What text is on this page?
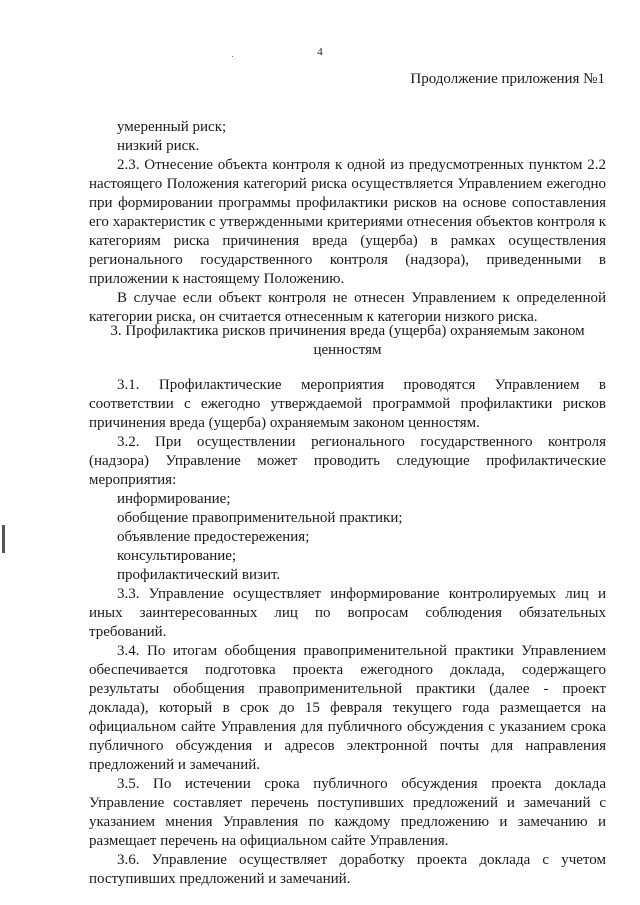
4
Продолжение приложения №1

умеренный риск;

низкий риск.

2.3. Отнесение объекта контроля к одной из предусмотренных пунктом 2.2 настоящего Положения категорий риска осуществляется Управлением ежегодно при формировании программы профилактики рисков на основе сопоставления его характеристик с утвержденными критериями отнесения объектов контроля к категориям риска причинения вреда (ущерба) в рамках осуществления регионального государственного контроля (надзора), приведенными в приложении к настоящему Положению.

В случае если объект контроля не отнесен Управлением к определенной категории риска, он считается отнесенным к категории низкого риска.

3. Профилактика рисков причинения вреда (ущерба) охраняемым законом ценностям

3.1. Профилактические мероприятия проводятся Управлением в соответствии с ежегодно утверждаемой программой профилактики рисков причинения вреда (ущерба) охраняемым законом ценностям.

3.2. При осуществлении регионального государственного контроля (надзора) Управление может проводить следующие профилактические мероприятия:

информирование;

обобщение правоприменительной практики;

объявление предостережения;

консультирование;

профилактический визит.

3.3. Управление осуществляет информирование контролируемых лиц и иных заинтересованных лиц по вопросам соблюдения обязательных требований.

3.4. По итогам обобщения правоприменительной практики Управлением обеспечивается подготовка проекта ежегодного доклада, содержащего результаты обобщения правоприменительной практики (далее - проект доклада), который в срок до 15 февраля текущего года размещается на официальном сайте Управления для публичного обсуждения с указанием срока публичного обсуждения и адресов электронной почты для направления предложений и замечаний.

3.5. По истечении срока публичного обсуждения проекта доклада Управление составляет перечень поступивших предложений и замечаний с указанием мнения Управления по каждому предложению и замечанию и размещает перечень на официальном сайте Управления.

3.6. Управление осуществляет доработку проекта доклада с учетом поступивших предложений и замечаний.
